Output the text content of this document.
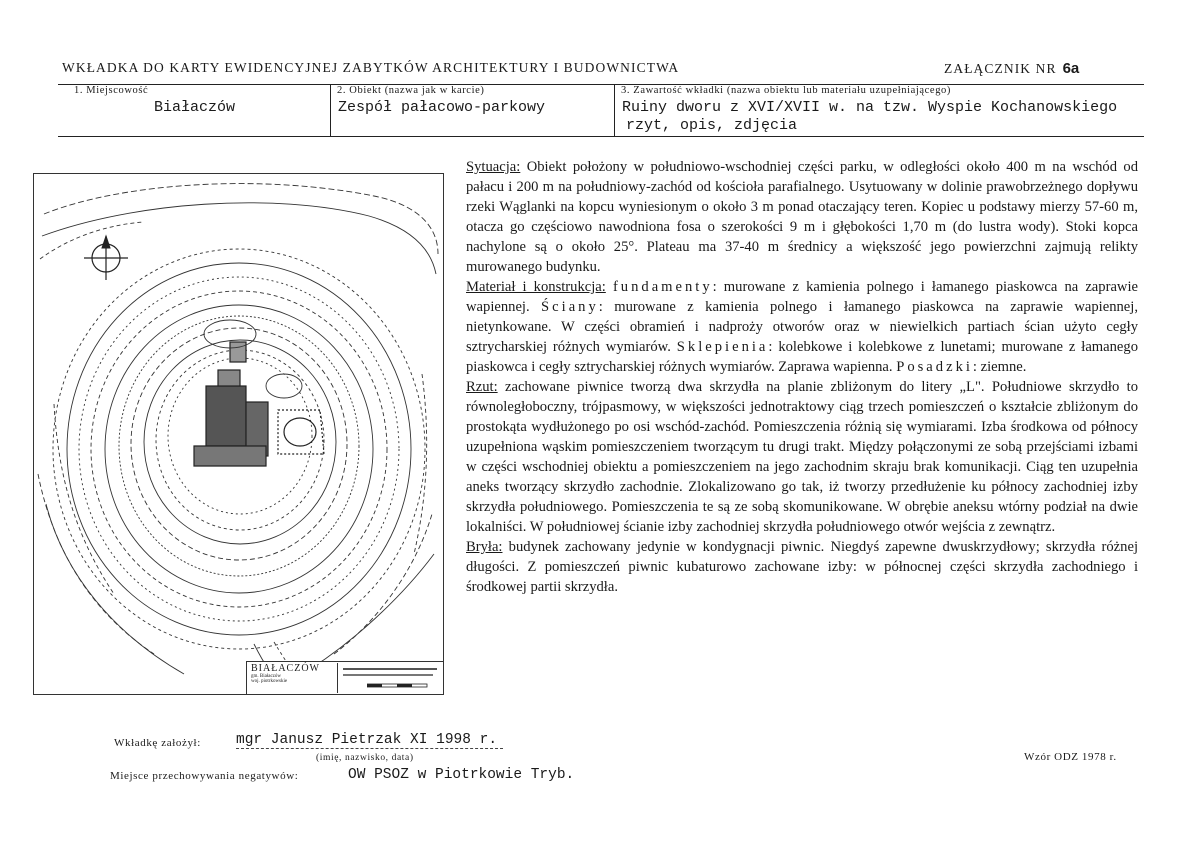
WKŁADKA DO KARTY EWIDENCYJNEJ ZABYTKÓW ARCHITEKTURY I BUDOWNICTWA	ZAŁĄCZNIK NR 6a
1. Miejscowość
Białaczów
2. Obiekt (nazwa jak w karcie)
Zespół pałacowo-parkowy
3. Zawartość wkładki (nazwa obiektu lub materiału uzupełniającego)
Ruiny dworu z XVI/XVII w. na tzw. Wyspie Kochanowskiego
rzyt, opis, zdjęcia
BIAŁACZÓW
gm. Białaczów
woj. piotrkowskie

Sytuacja: Obiekt położony w południowo-wschodniej części parku, w odległości około 400 m na wschód od pałacu i 200 m na południowy-zachód od kościoła parafialnego. Usytuowany w dolinie prawobrzeżnego dopływu rzeki Wąglanki na kopcu wyniesionym o około 3 m ponad otaczający teren. Kopiec u podstawy mierzy 57-60 m, otacza go częściowo nawodniona fosa o szerokości 9 m i głębokości 1,70 m (do lustra wody). Stoki kopca nachylone są o około 25°. Plateau ma 37-40 m średnicy a większość jego powierzchni zajmują relikty murowanego budynku.

Materiał i konstrukcja: fundamenty: murowane z kamienia polnego i łamanego piaskowca na zaprawie wapiennej. Ściany: murowane z kamienia polnego i łamanego piaskowca na zaprawie wapiennej, nietynkowane. W części obramień i nadproży otworów oraz w niewielkich partiach ścian użyto cegły sztrycharskiej różnych wymiarów. Sklepienia: kolebkowe i kolebkowe z lunetami; murowane z łamanego piaskowca i cegły sztrycharskiej różnych wymiarów. Zaprawa wapienna. Posadzki: ziemne.

Rzut: zachowane piwnice tworzą dwa skrzydła na planie zbliżonym do litery „L". Południowe skrzydło to równoległoboczny, trójpasmowy, w większości jednotraktowy ciąg trzech pomieszczeń o kształcie zbliżonym do prostokąta wydłużonego po osi wschód-zachód. Pomieszczenia różnią się wymiarami. Izba środkowa od północy uzupełniona wąskim pomieszczeniem tworzącym tu drugi trakt. Między połączonymi ze sobą przejściami izbami w części wschodniej obiektu a pomieszczeniem na jego zachodnim skraju brak komunikacji. Ciąg ten uzupełnia aneks tworzący skrzydło zachodnie. Zlokalizowano go tak, iż tworzy przedłużenie ku północy zachodniej izby skrzydła południowego. Pomieszczenia te są ze sobą skomunikowane. W obrębie aneksu wtórny podział na dwie lokalniści. W południowej ścianie izby zachodniej skrzydła południowego otwór wejścia z zewnątrz.

Bryła: budynek zachowany jedynie w kondygnacji piwnic. Niegdyś zapewne dwuskrzydłowy; skrzydła różnej długości. Z pomieszczeń piwnic kubaturowo zachowane izby: w północnej części skrzydła zachodniego i środkowej partii skrzydła.

Wkładkę założył: mgr Janusz Pietrzak XI 1998 r.
(imię, nazwisko, data)
Miejsce przechowywania negatywów:	OW PSOZ w Piotrkowie Tryb.
Wzór ODZ 1978 r.
